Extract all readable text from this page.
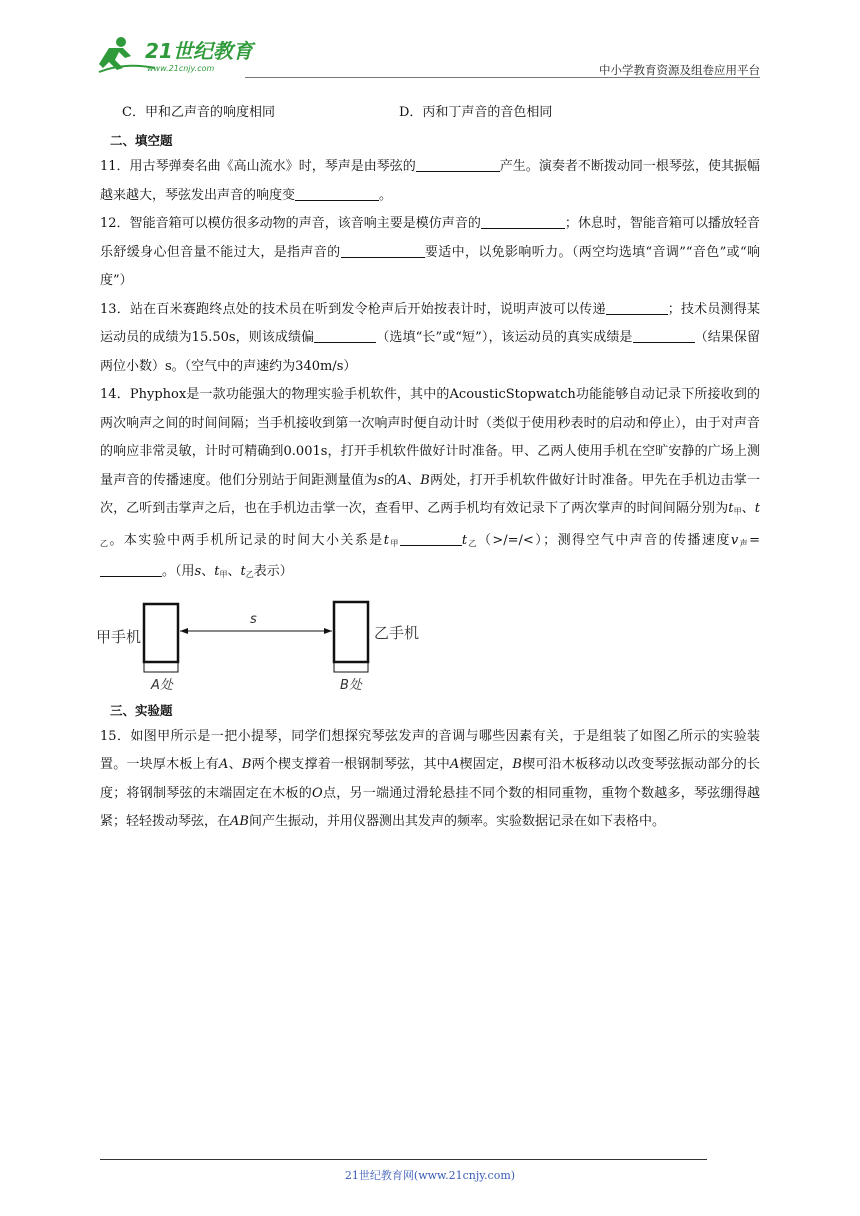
21世纪教育
www.21cnjy.com	中小学教育资源及组卷应用平台
C．甲和乙声音的响度相同	D．丙和丁声音的音色相同
二、填空题

11．用古琴弹奏名曲《高山流水》时，琴声是由琴弦的	产生。演奏者不断拨动同一根琴弦，使其振幅越来越大，琴弦发出声音的响度变	。

12．智能音箱可以模仿很多动物的声音，该音响主要是模仿声音的	；休息时，智能音箱可以播放轻音乐舒缓身心但音量不能过大，是指声音的	要适中，以免影响听力。（两空均选填“音调”“音色”或“响度”）

13．站在百米赛跑终点处的技术员在听到发令枪声后开始按表计时，说明声波可以传递	；技术员测得某运动员的成绩为15.50s，则该成绩偏	（选填“长”或“短”），该运动员的真实成绩是	（结果保留两位小数）s。（空气中的声速约为340m/s）

14．Phyphox是一款功能强大的物理实验手机软件，其中的AcousticStopwatch功能能够自动记录下所接收到的两次响声之间的时间间隔；当手机接收到第一次响声时便自动计时（类似于使用秒表时的启动和停止），由于对声音的响应非常灵敏，计时可精确到0.001s，打开手机软件做好计时准备。甲、乙两人使用手机在空旷安静的广场上测量声音的传播速度。他们分别站于间距测量值为s的A、B两处，打开手机软件做好计时准备。甲先在手机边击掌一次，乙听到击掌声之后，也在手机边击掌一次，查看甲、乙两手机均有效记录下了两次掌声的时间间隔分别为$t_甲$、$t_乙$。本实验中两手机所记录的时间大小关系是$t_甲$	$t_乙(>/=/<)$；测得空气中声音的传播速度$v_声=$。（用s、$t_甲$、$t_乙$表示）

甲手机	乙手机
s
A处	B处
三、实验题

15．如图甲所示是一把小提琴，同学们想探究琴弦发声的音调与哪些因素有关，于是组装了如图乙所示的实验装置。一块厚木板上有A、B两个楔支撑着一根钢制琴弦，其中A楔固定，B楔可沿木板移动以改变琴弦振动部分的长度；将钢制琴弦的末端固定在木板的O点，另一端通过滑轮悬挂不同个数的相同重物，重物个数越多，琴弦绷得越紧；轻轻拨动琴弦，在AB间产生振动，并用仪器测出其发声的频率。实验数据记录在如下表格中。

21世纪教育网(www.21cnjy.com)
